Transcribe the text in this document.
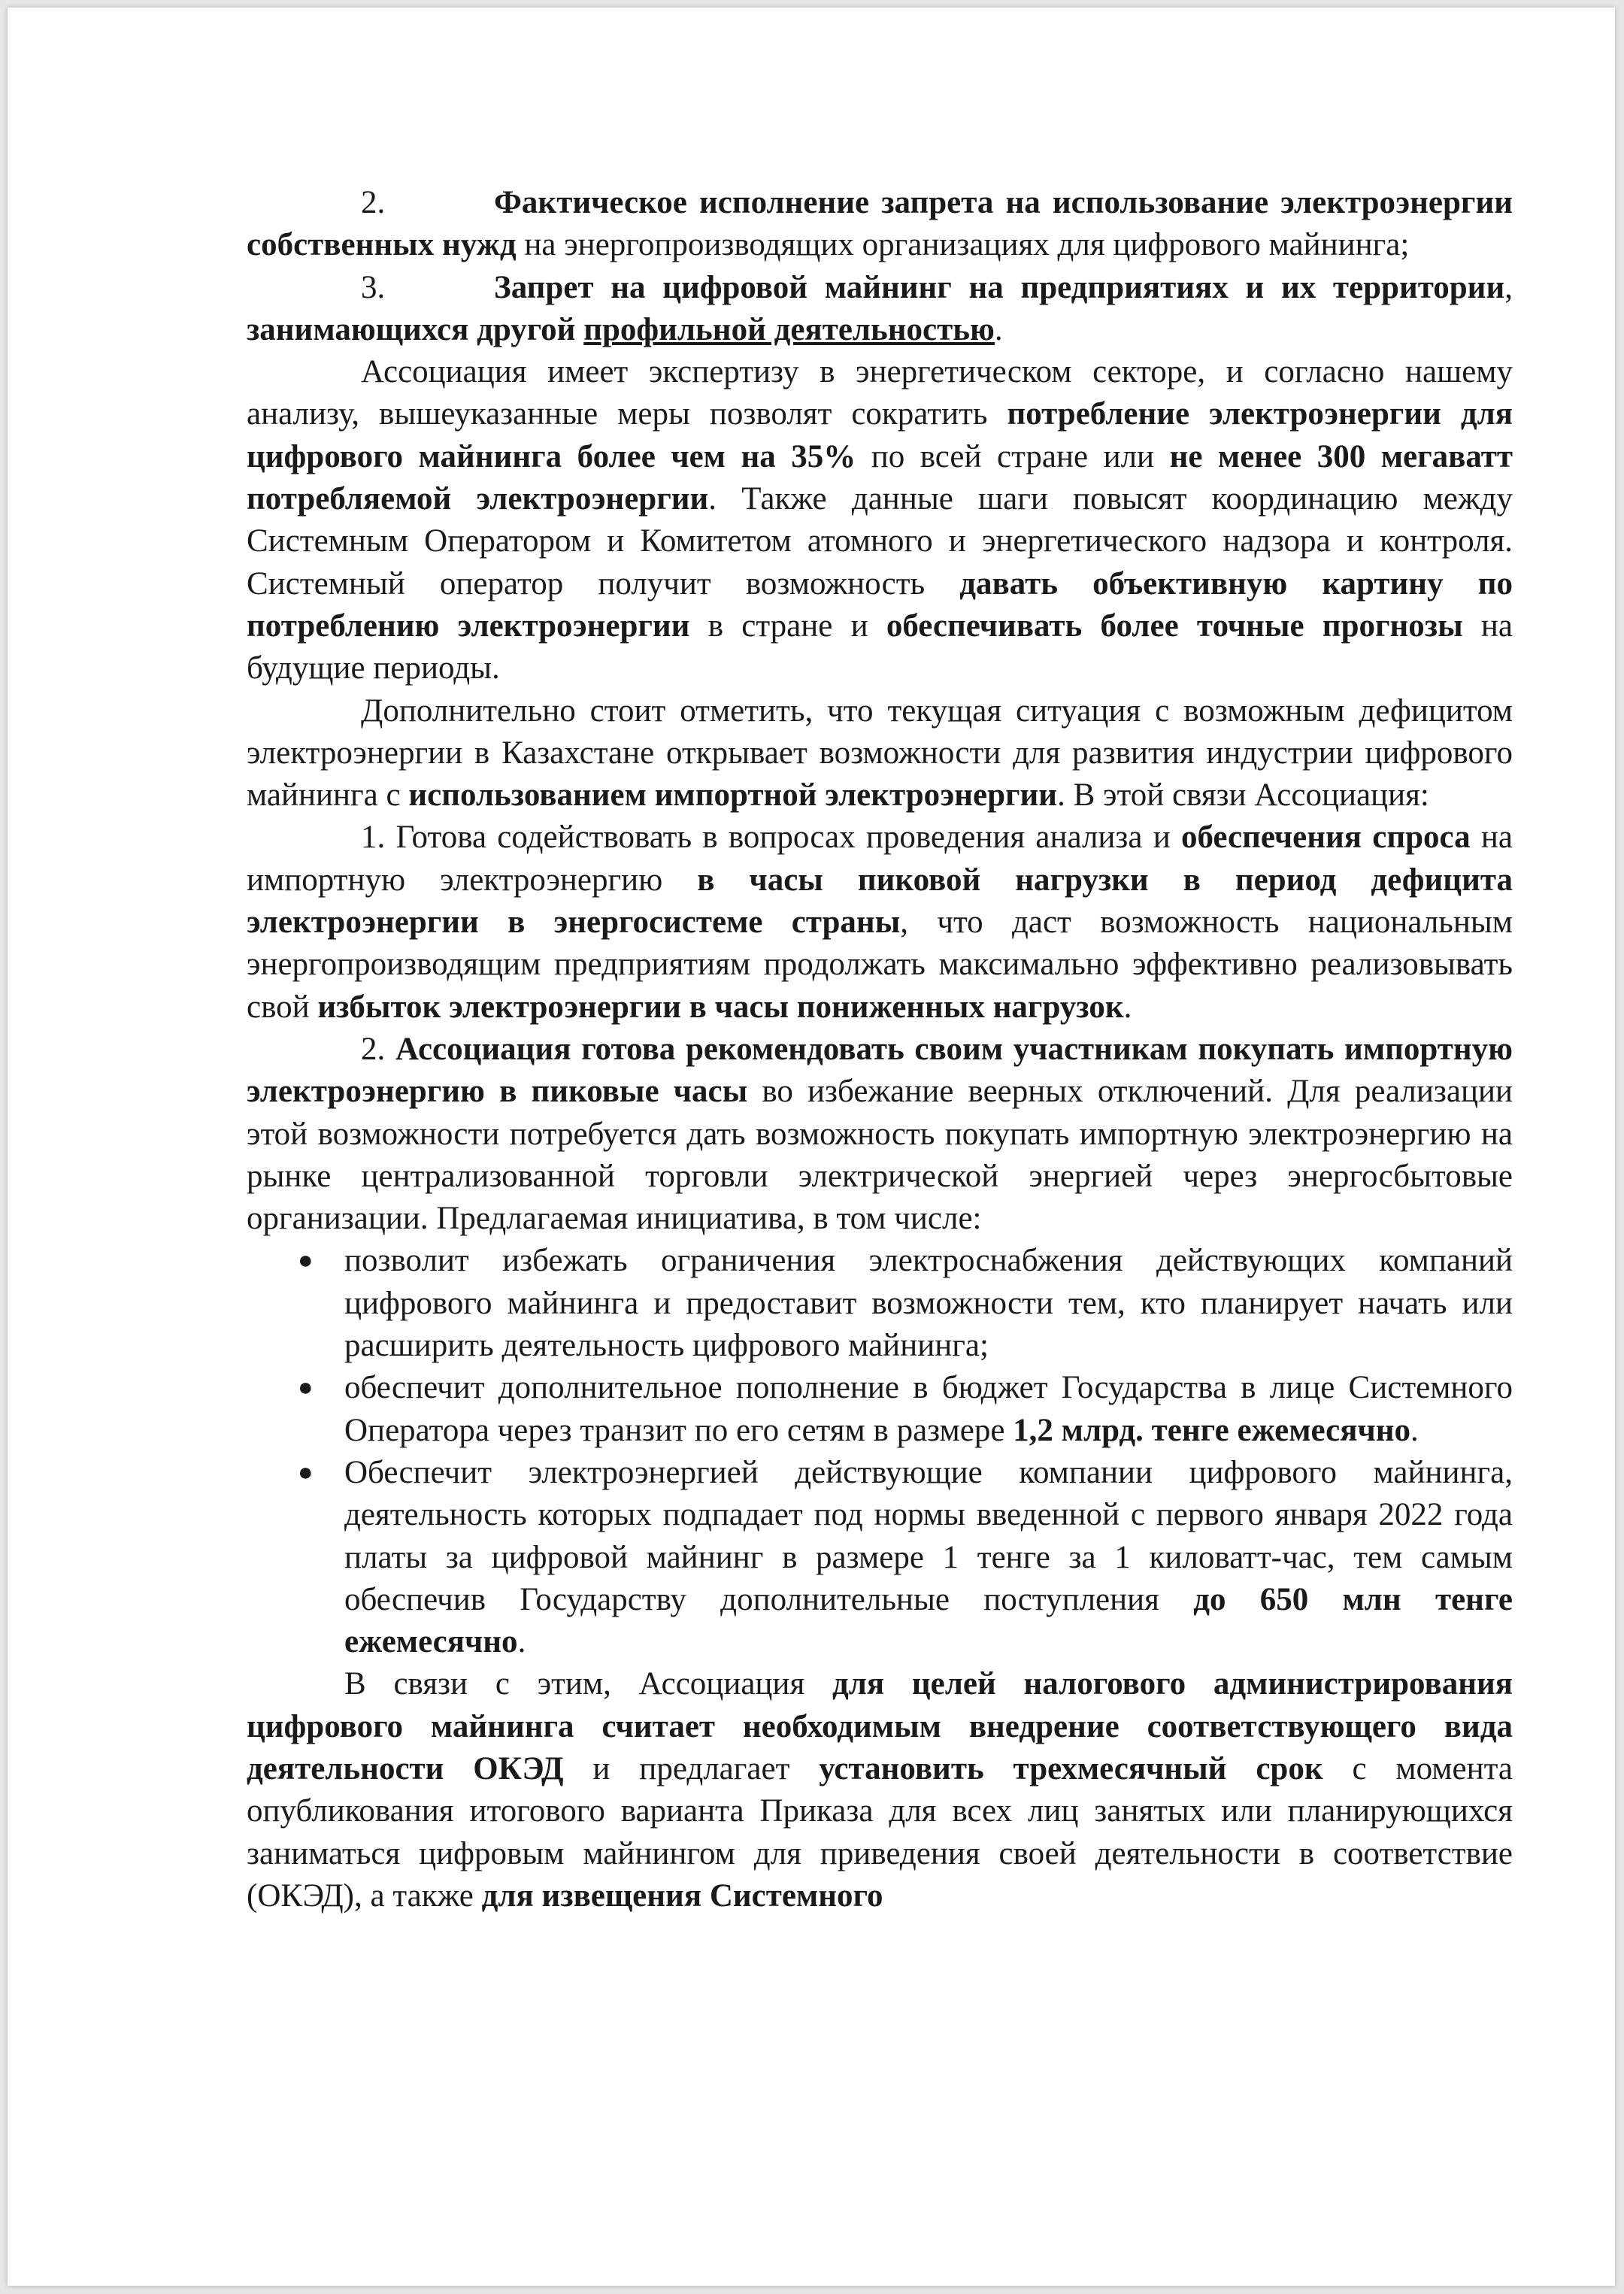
2.	Фактическое исполнение запрета на использование электроэнергии собственных нужд на энергопроизводящих организациях для цифрового майнинга;

3.	Запрет на цифровой майнинг на предприятиях и их территории, занимающихся другой профильной деятельностью.

Ассоциация имеет экспертизу в энергетическом секторе, и согласно нашему анализу, вышеуказанные меры позволят сократить потребление электроэнергии для цифрового майнинга более чем на 35% по всей стране или не менее 300 мегаватт потребляемой электроэнергии. Также данные шаги повысят координацию между Системным Оператором и Комитетом атомного и энергетического надзора и контроля. Системный оператор получит возможность давать объективную картину по потреблению электроэнергии в стране и обеспечивать более точные прогнозы на будущие периоды.

Дополнительно стоит отметить, что текущая ситуация с возможным дефицитом электроэнергии в Казахстане открывает возможности для развития индустрии цифрового майнинга с использованием импортной электроэнергии. В этой связи Ассоциация:

1. Готова содействовать в вопросах проведения анализа и обеспечения спроса на импортную электроэнергию в часы пиковой нагрузки в период дефицита электроэнергии в энергосистеме страны, что даст возможность национальным энергопроизводящим предприятиям продолжать максимально эффективно реализовывать свой избыток электроэнергии в часы пониженных нагрузок.

2. Ассоциация готова рекомендовать своим участникам покупать импортную электроэнергию в пиковые часы во избежание веерных отключений. Для реализации этой возможности потребуется дать возможность покупать импортную электроэнергию на рынке централизованной торговли электрической энергией через энергосбытовые организации. Предлагаемая инициатива, в том числе:

● позволит избежать ограничения электроснабжения действующих компаний цифрового майнинга и предоставит возможности тем, кто планирует начать или расширить деятельность цифрового майнинга;
● обеспечит дополнительное пополнение в бюджет Государства в лице Системного Оператора через транзит по его сетям в размере 1,2 млрд. тенге ежемесячно.
● Обеспечит электроэнергией действующие компании цифрового майнинга, деятельность которых подпадает под нормы введенной с первого января 2022 года платы за цифровой майнинг в размере 1 тенге за 1 киловатт-час, тем самым обеспечив Государству дополнительные поступления до 650 млн тенге ежемесячно.

В связи с этим, Ассоциация для целей налогового администрирования цифрового майнинга считает необходимым внедрение соответствующего вида деятельности ОКЭД и предлагает установить трехмесячный срок с момента опубликования итогового варианта Приказа для всех лиц занятых или планирующихся заниматься цифровым майнингом для приведения своей деятельности в соответствие (ОКЭД), а также для извещения Системного
